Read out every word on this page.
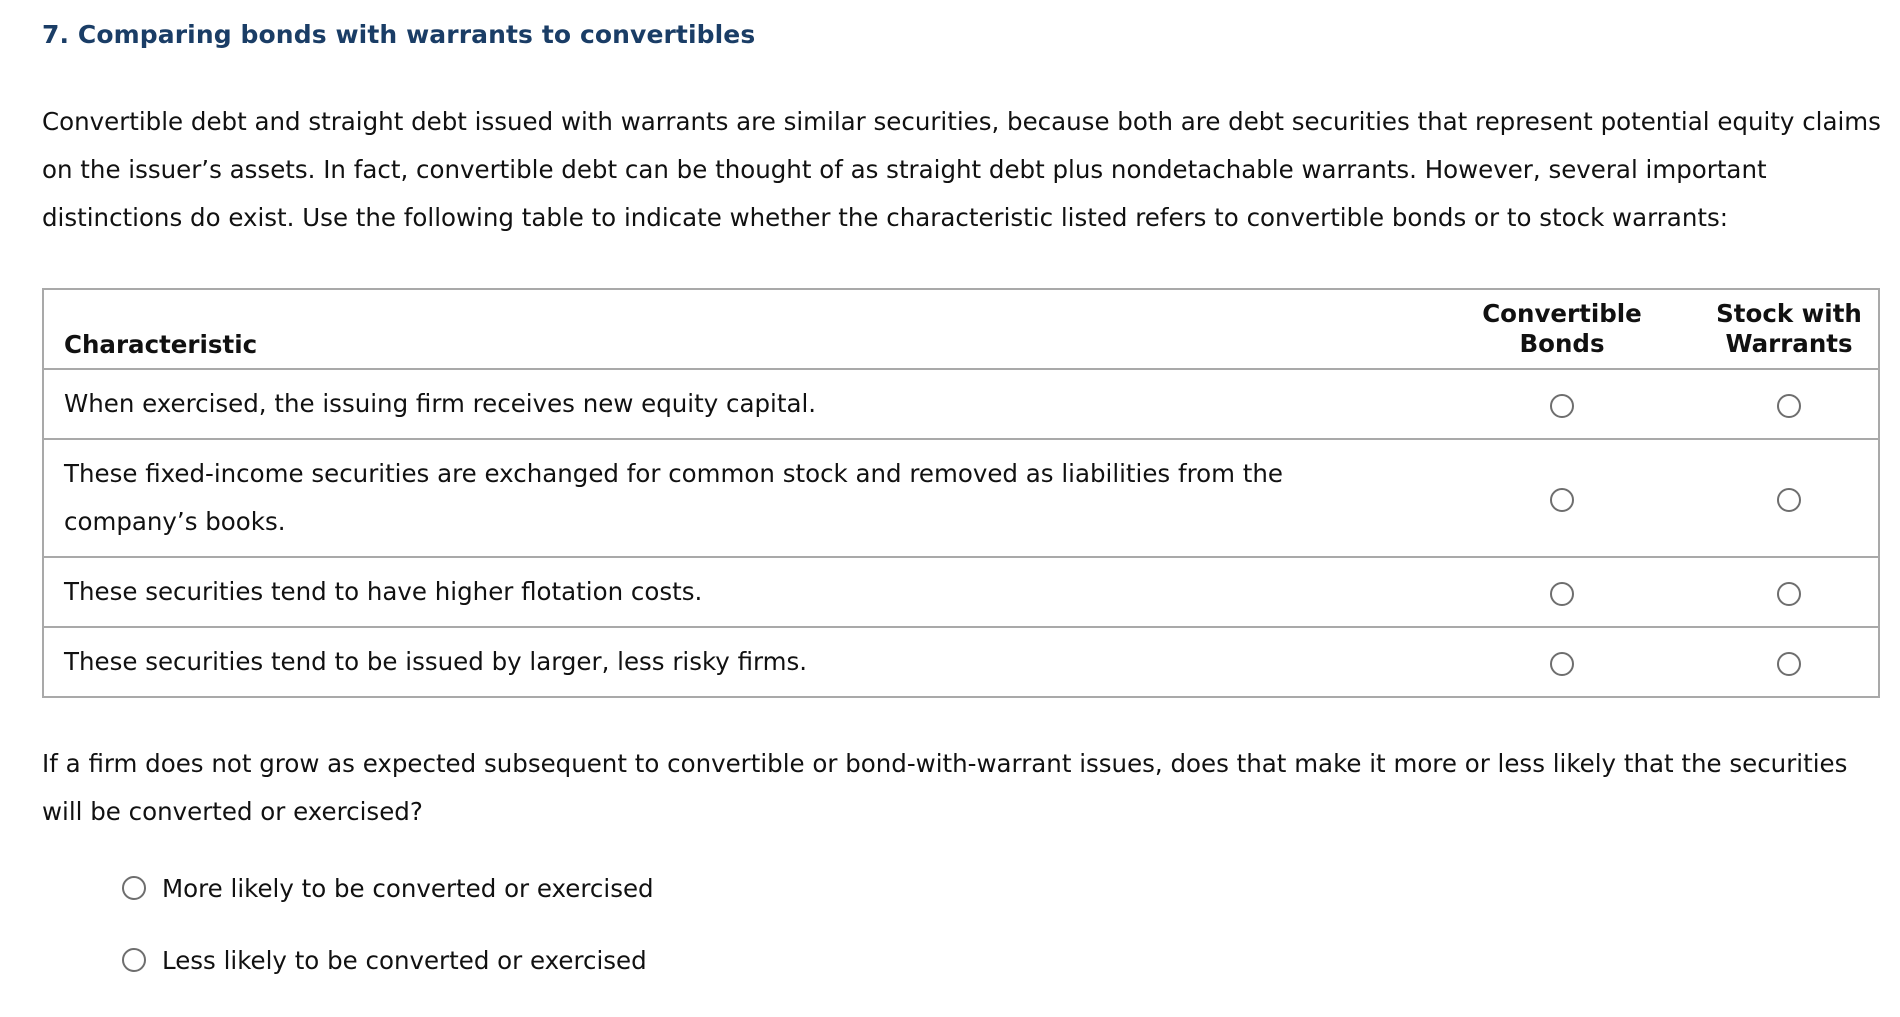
7. Comparing bonds with warrants to convertibles

Convertible debt and straight debt issued with warrants are similar securities, because both are debt securities that represent potential equity claims on the issuer’s assets. In fact, convertible debt can be thought of as straight debt plus nondetachable warrants. However, several important distinctions do exist. Use the following table to indicate whether the characteristic listed refers to convertible bonds or to stock warrants:

Characteristic	Convertible Bonds	Stock with Warrants

When exercised, the issuing firm receives new equity capital.		

These fixed-income securities are exchanged for common stock and removed as liabilities from the company’s books.		

These securities tend to have higher flotation costs.		
These securities tend to be issued by larger, less risky firms.		

If a firm does not grow as expected subsequent to convertible or bond-with-warrant issues, does that make it more or less likely that the securities will be converted or exercised?

More likely to be converted or exercised
Less likely to be converted or exercised
